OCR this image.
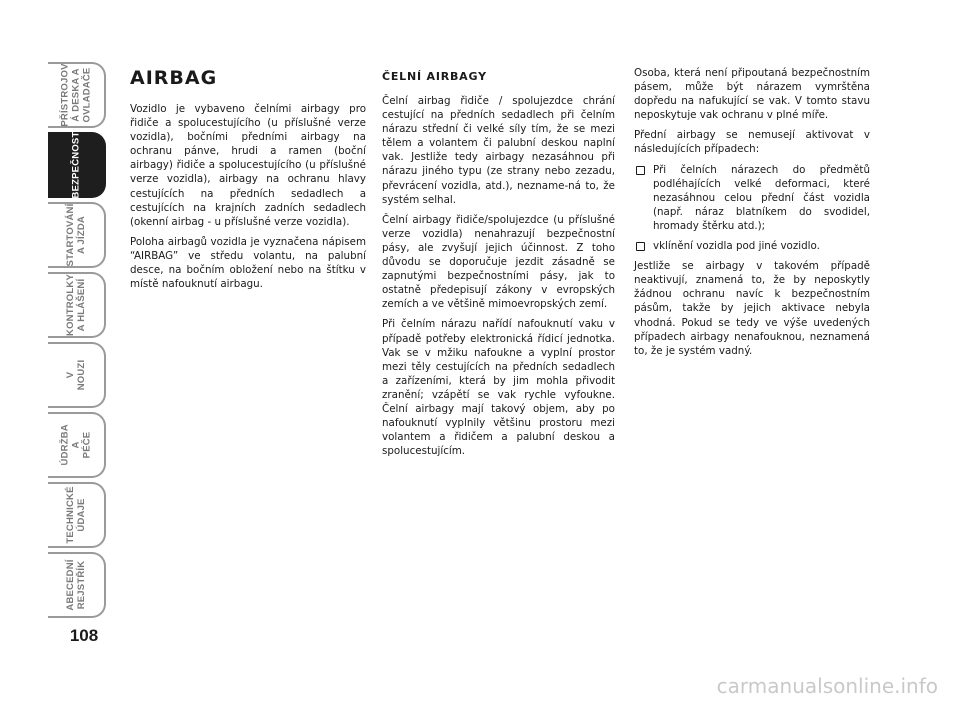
PŘÍSTROJOV
Á DESKA A
OVLADAČE
BEZPEČNOST
STARTOVÁNÍ
A JÍZDA
KONTROLKY
A HLÁŠENÍ
V NOUZI
ÚDRŽBA A
PÉČE
TECHNICKÉ
ÚDAJE
ABECEDNÍ
REJSTŘÍK
108
AIRBAG

Vozidlo je vybaveno čelními airbagy pro řidiče a spolucestujícího (u příslušné verze vozidla), bočními předními airbagy na ochranu pánve, hrudi a ramen (boční airbagy) řidiče a spolucestujícího (u příslušné verze vozidla), airbagy na ochranu hlavy cestujících na předních sedadlech a cestujících na krajních zadních sedadlech (okenní airbag - u příslušné verze vozidla).

Poloha airbagů vozidla je vyznačena nápisem “AIRBAG” ve středu volantu, na palubní desce, na bočním obložení nebo na štítku v místě nafouknutí airbagu.

ČELNÍ AIRBAGY

Čelní airbag řidiče / spolujezdce chrání cestující na předních sedadlech při čelním nárazu střední či velké síly tím, že se mezi tělem a volantem či palubní deskou naplní vak. Jestliže tedy airbagy nezasáhnou při nárazu jiného typu (ze strany nebo zezadu, převrácení vozidla, atd.), nezname-ná to, že systém selhal.

Čelní airbagy řidiče/spolujezdce (u příslušné verze vozidla) nenahrazují bezpečnostní pásy, ale zvyšují jejich účinnost. Z toho důvodu se doporučuje jezdit zásadně se zapnutými bezpečnostními pásy, jak to ostatně předepisují zákony v evropských zemích a ve většině mimoevropských zemí.

Při čelním nárazu nařídí nafouknutí vaku v případě potřeby elektronická řídicí jednotka. Vak se v mžiku nafoukne a vyplní prostor mezi těly cestujících na předních sedadlech a zařízeními, která by jim mohla přivodit zranění; vzápětí se vak rychle vyfoukne. Čelní airbagy mají takový objem, aby po nafouknutí vyplnily většinu prostoru mezi volantem a řidičem a palubní deskou a spolucestujícím.

Osoba, která není připoutaná bezpečnostním pásem, může být nárazem vymrštěna dopředu na nafukující se vak. V tomto stavu neposkytuje vak ochranu v plné míře.

Přední airbagy se nemusejí aktivovat v následujících případech:

Při čelních nárazech do předmětů podléhajících velké deformaci, které nezasáhnou celou přední část vozidla (např. náraz blatníkem do svodidel, hromady štěrku atd.);
vklínění vozidla pod jiné vozidlo.

Jestliže se airbagy v takovém případě neaktivují, znamená to, že by neposkytly žádnou ochranu navíc k bezpečnostním pásům, takže by jejich aktivace nebyla vhodná. Pokud se tedy ve výše uvedených případech airbagy nenafouknou, neznamená to, že je systém vadný.

carmanualsonline.info
